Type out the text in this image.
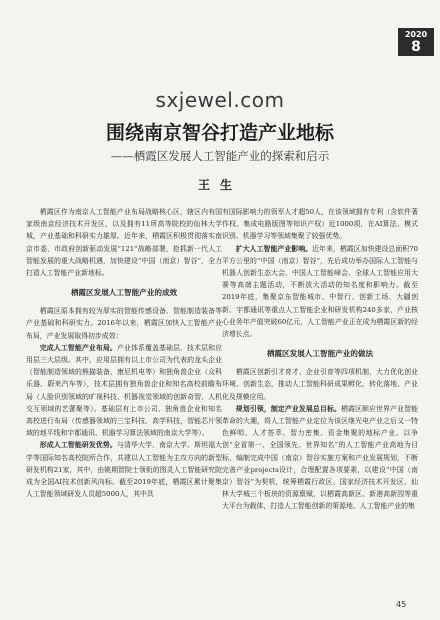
2020
8
sxjewel.com
围绕南京智谷打造产业地标
——栖霞区发展人工智能产业的探索和启示
王生

栖霞区作为南京人工智能产业布局战略核心区，辖区内有国家级南京经济技术开发区，以及拥有11所高等院校的仙林大学城，产业基础和科研实力雄厚。近年来，栖霞区积极贯彻落实南京市委、市政府创新驱动发展“121”战略部署，抢抓新一代人工智能发展的重大战略机遇，加快建设“中国（南京）智谷”，全力打造人工智能产业新地标。

栖霞区发展人工智能产业的成效

栖霞区原本拥有较为厚实的智能传感设备、智能制造装备等产业基础和科研实力。2016年以来，栖霞区加快人工智能产业布局，产业发展取得初步成效：

完成人工智能产业布局。产业体系覆盖基础层、技术层和应用层三大层级。其中，应用层拥有以上市公司为代表的龙头企业（智能制造领域的熊猫装备、康尼机电等）和独角兽企业（众科乐器、蔚来汽车等），技术层拥有独角兽企业和知名高校前瞻布局（人脸识别领域的旷视科技、机器视觉领域的创新奇智、人机交互领域的艺蕾聚等）。基础层有上市公司、独角兽企业和知名高校进行布局（传感器领域的三宝科技、高学科技，智能芯片领域的地平线和宇都通讯、机器学习算法领域的南京大学等）。

形成人工智能研发优势。与清华大学、南京大学、斯坦福大学等国际知名高校院所合作，共建以人工智能为主攻方向的新型研发机构21家，其中，由姚期智院士领衔的图灵人工智能研究院成为全国AI技术创新风向标。截至2019年底，栖霞区累计聚集人工智能领域研发人员超5000人，其中具

有国际影响力的领军人才超50人，在该领域拥有专利（含软件著作权、集成电路版图等知识产权）近1000项，在AI算法、模式识别、机器学习等领域集聚了较强优势。

扩大人工智能产业影响。近年来，栖霞区加快建设总面积70平方公里的“中国（南京）智谷”，先后成功举办国际人工智能与机器人创新生态大会、中国人工智能峰会、全球人工智能应用大赛等高端主题活动，不断放大活动的知名度和影响力。截至2019年底，集聚京东智能城市、中智行、创新工场、大疆创新、宇都通讯等重点人工智能企业和研发机构240多家，产业核心业务年产值突破60亿元，人工智能产业正在成为栖霞区新的经济增长点。

栖霞区发展人工智能产业的做法

栖霞区创新引才育才、企业引育等四项机制，大力优化创业环境、创新生态，推动人工智能科研成果孵化、转化落地、产业化及规模应用。

规划引领，制定产业发展总目标。栖霞区顺应世界产业智能革命的大潮，将人工智能产业定位为该区继光电产业之后又一特色鲜明、人才荟萃、智力密集、资金集聚的地标产业。以争创“全省第一、全国领先、世界知名”的人工智能产业高地为目标，编制完成中国（南京）智谷实施方案和产业发展规划，不断完善产业projects设计，合理配置各项要素，以建设“中国（南京）智谷”为契机，统筹栖霞行政区、国家经济技术开发区、仙林大学城三个板块的资源禀赋，以栖霞高新区、新港高新园等重大平台为载体，打造人工智能创新的策源地、人工智能产业的集

45
